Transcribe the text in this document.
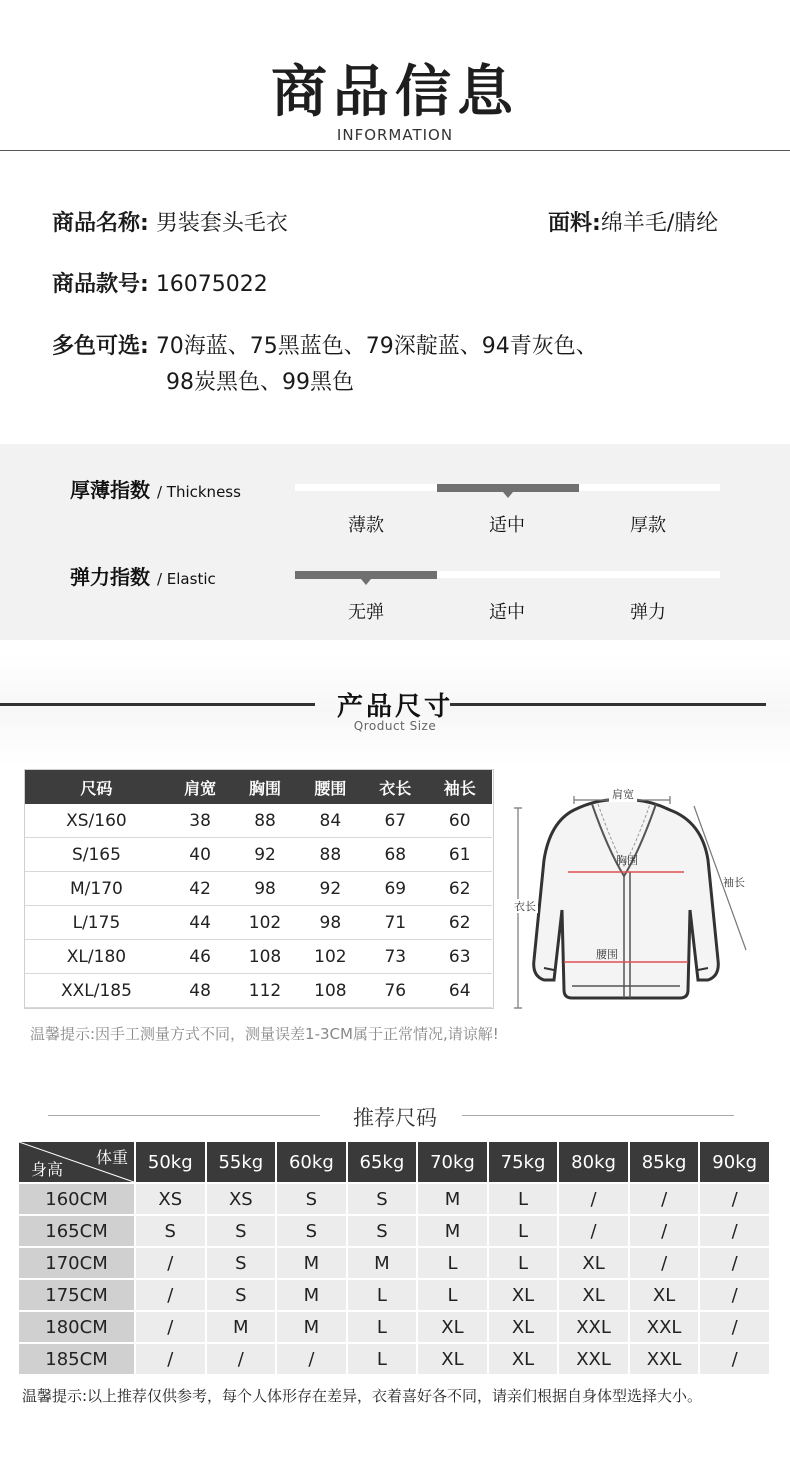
商品信息
INFORMATION
商品名称: 男装套头毛衣	面料:绵羊毛/腈纶
商品款号: 16075022
多色可选: 70海蓝、75黑蓝色、79深靛蓝、94青灰色、
98炭黑色、99黑色
厚薄指数 / Thickness
薄款	适中	厚款
弹力指数 / Elastic
无弹	适中	弹力
产品尺寸
Qroduct Size
尺码	肩宽	胸围	腰围	衣长	袖长
XS/160	38	88	84	67	60
S/165	40	92	88	68	61
M/170	42	98	92	69	62
L/175	44	102	98	71	62
XL/180	46	108	102	73	63
XXL/185	48	112	108	76	64
肩宽
胸围
腰围
衣长
袖长
温馨提示:因手工测量方式不同，测量误差1-3CM属于正常情况,请谅解!
推荐尺码
体重
身高	50kg	55kg	60kg	65kg	70kg	75kg	80kg	85kg	90kg
160CM	XS	XS	S	S	M	L	/	/	/
165CM	S	S	S	S	M	L	/	/	/
170CM	/	S	M	M	L	L	XL	/	/
175CM	/	S	M	L	L	XL	XL	XL	/
180CM	/	M	M	L	XL	XL	XXL	XXL	/
185CM	/	/	/	L	XL	XL	XXL	XXL	/
温馨提示:以上推荐仅供参考，每个人体形存在差异，衣着喜好各不同，请亲们根据自身体型选择大小。
